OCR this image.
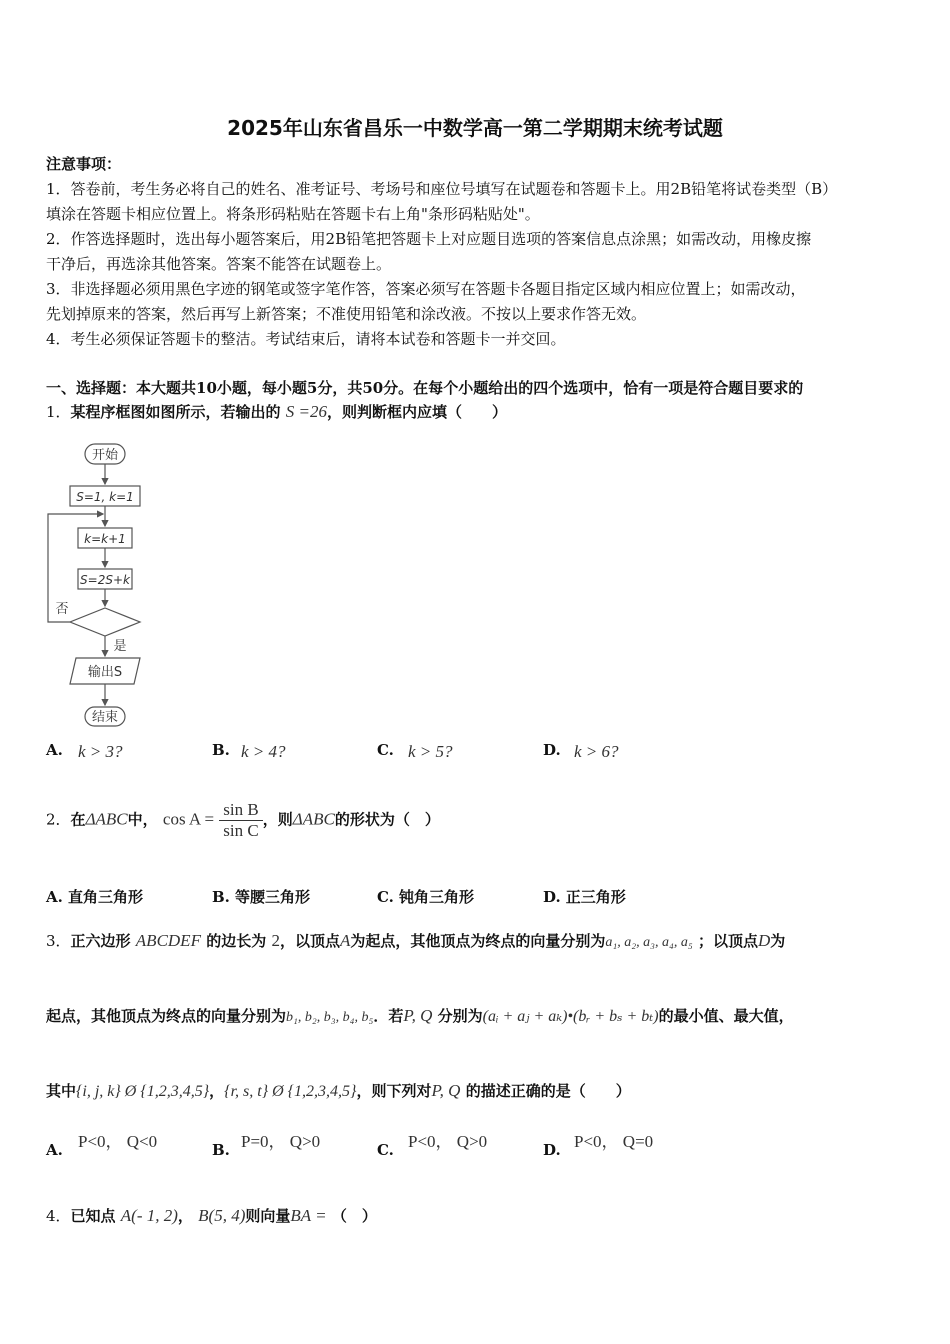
2025年山东省昌乐一中数学高一第二学期期末统考试题
注意事项：
1．答卷前，考生务必将自己的姓名、准考证号、考场号和座位号填写在试题卷和答题卡上。用2B铅笔将试卷类型（B）
填涂在答题卡相应位置上。将条形码粘贴在答题卡右上角"条形码粘贴处"。
2．作答选择题时，选出每小题答案后，用2B铅笔把答题卡上对应题目选项的答案信息点涂黑；如需改动，用橡皮擦
干净后，再选涂其他答案。答案不能答在试题卷上。
3．非选择题必须用黑色字迹的钢笔或签字笔作答，答案必须写在答题卡各题目指定区域内相应位置上；如需改动，
先划掉原来的答案，然后再写上新答案；不准使用铅笔和涂改液。不按以上要求作答无效。
4．考生必须保证答题卡的整洁。考试结束后，请将本试卷和答题卡一并交回。
一、选择题：本大题共10小题，每小题5分，共50分。在每个小题给出的四个选项中，恰有一项是符合题目要求的
1．某程序框图如图所示，若输出的 S =26，则判断框内应填（　　）
开始
S=1, k=1
k=k+1
S=2S+k
否
是
输出S
结束
A. k > 3?	B. k > 4?	C. k > 5?	D. k > 6?
2．在ΔABC中， $\cos A = \frac{\text{sin B}}{\text{sin C}}$ ，则ΔABC的形状为（　）
A. 直角三角形	B. 等腰三角形	C. 钝角三角形	D. 正三角形
3．正六边形 ABCDEF 的边长为 2，以顶点A为起点，其他顶点为终点的向量分别为a₁, a₂, a₃, a₄, a₅ ；以顶点D为
起点，其他顶点为终点的向量分别为b₁, b₂, b₃, b₄, b₅．若P, Q 分别为(aᵢ + aⱼ + aₖ)•(bᵣ + bₛ + bₜ)的最小值、最大值，
其中{i, j, k} Ø {1,2,3,4,5}，{r, s, t} Ø {1,2,3,4,5}，则下列对P, Q 的描述正确的是（　　）
A. P<0， Q<0	B. P=0， Q>0	C. P<0， Q>0	D. P<0， Q=0
4．已知点 A(- 1, 2)， B(5, 4)则向量BA = （　）
